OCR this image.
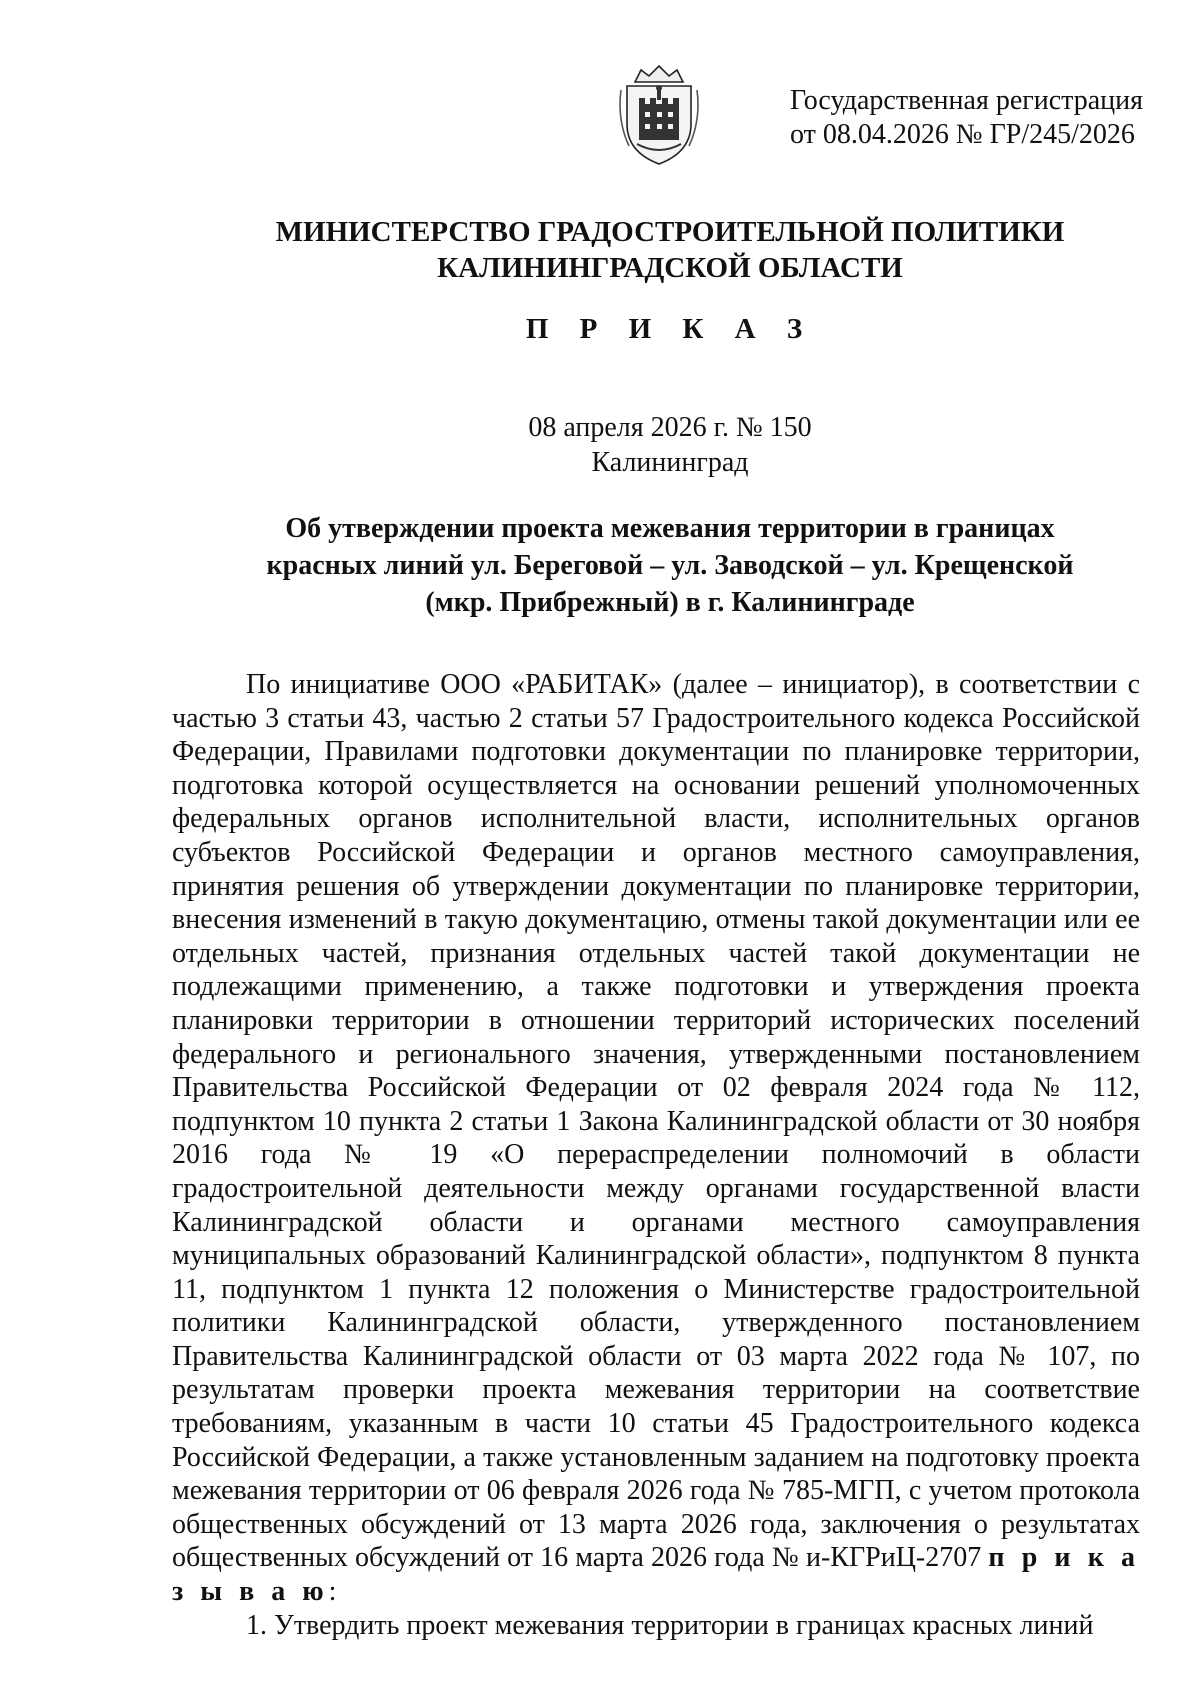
Государственная регистрация
от 08.04.2026 № ГР/245/2026
МИНИСТЕРСТВО ГРАДОСТРОИТЕЛЬНОЙ ПОЛИТИКИ
КАЛИНИНГРАДСКОЙ ОБЛАСТИ
П Р И К А З
08 апреля 2026 г. № 150
Калининград
Об утверждении проекта межевания территории в границах
красных линий ул. Береговой – ул. Заводской – ул. Крещенской
(мкр. Прибрежный) в г. Калининграде

По инициативе ООО «РАБИТАК» (далее – инициатор), в соответствии с частью 3 статьи 43, частью 2 статьи 57 Градостроительного кодекса Российской Федерации, Правилами подготовки документации по планировке территории, подготовка которой осуществляется на основании решений уполномоченных федеральных органов исполнительной власти, исполнительных органов субъектов Российской Федерации и органов местного самоуправления, принятия решения об утверждении документации по планировке территории, внесения изменений в такую документацию, отмены такой документации или ее отдельных частей, признания отдельных частей такой документации не подлежащими применению, а также подготовки и утверждения проекта планировки территории в отношении территорий исторических поселений федерального и регионального значения, утвержденными постановлением Правительства Российской Федерации от 02 февраля 2024 года № 112, подпунктом 10 пункта 2 статьи 1 Закона Калининградской области от 30 ноября 2016 года № 19 «О перераспределении полномочий в области градостроительной деятельности между органами государственной власти Калининградской области и органами местного самоуправления муниципальных образований Калининградской области», подпунктом 8 пункта 11, подпунктом 1 пункта 12 положения о Министерстве градостроительной политики Калининградской области, утвержденного постановлением Правительства Калининградской области от 03 марта 2022 года № 107, по результатам проверки проекта межевания территории на соответствие требованиям, указанным в части 10 статьи 45 Градостроительного кодекса Российской Федерации, а также установленным заданием на подготовку проекта межевания территории от 06 февраля 2026 года № 785-МГП, с учетом протокола общественных обсуждений от 13 марта 2026 года, заключения о результатах общественных обсуждений от 16 марта 2026 года № и-КГРиЦ-2707 п р и к а з ы в а ю:

1. Утвердить проект межевания территории в границах красных линий
